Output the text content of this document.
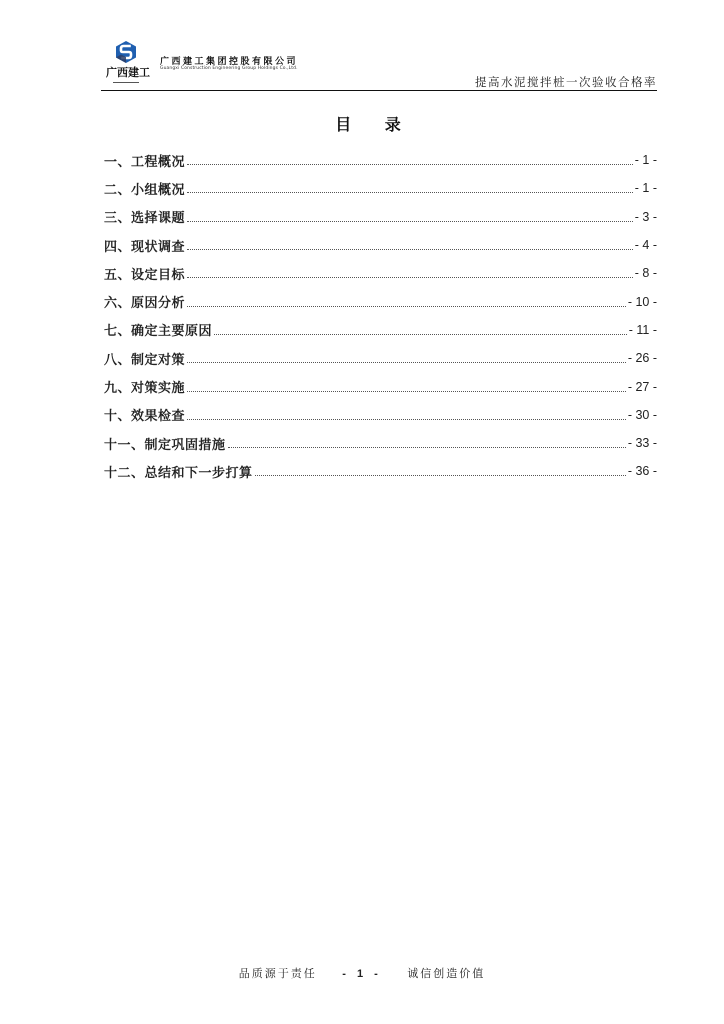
广西建工
广西建工集团控股有限公司
Guangxi Construction Engineering Group Holdings Co.,Ltd.
提高水泥搅拌桩一次验收合格率
目 录
一、工程概况	- 1 -
二、小组概况	- 1 -
三、选择课题	- 3 -
四、现状调查	- 4 -
五、设定目标	- 8 -
六、原因分析	- 10 -
七、确定主要原因	- 11 -
八、制定对策	- 26 -
九、对策实施	- 27 -
十、效果检查	- 30 -
十一、制定巩固措施	- 33 -
十二、总结和下一步打算	- 36 -
品质源于责任 - 1 - 诚信创造价值
